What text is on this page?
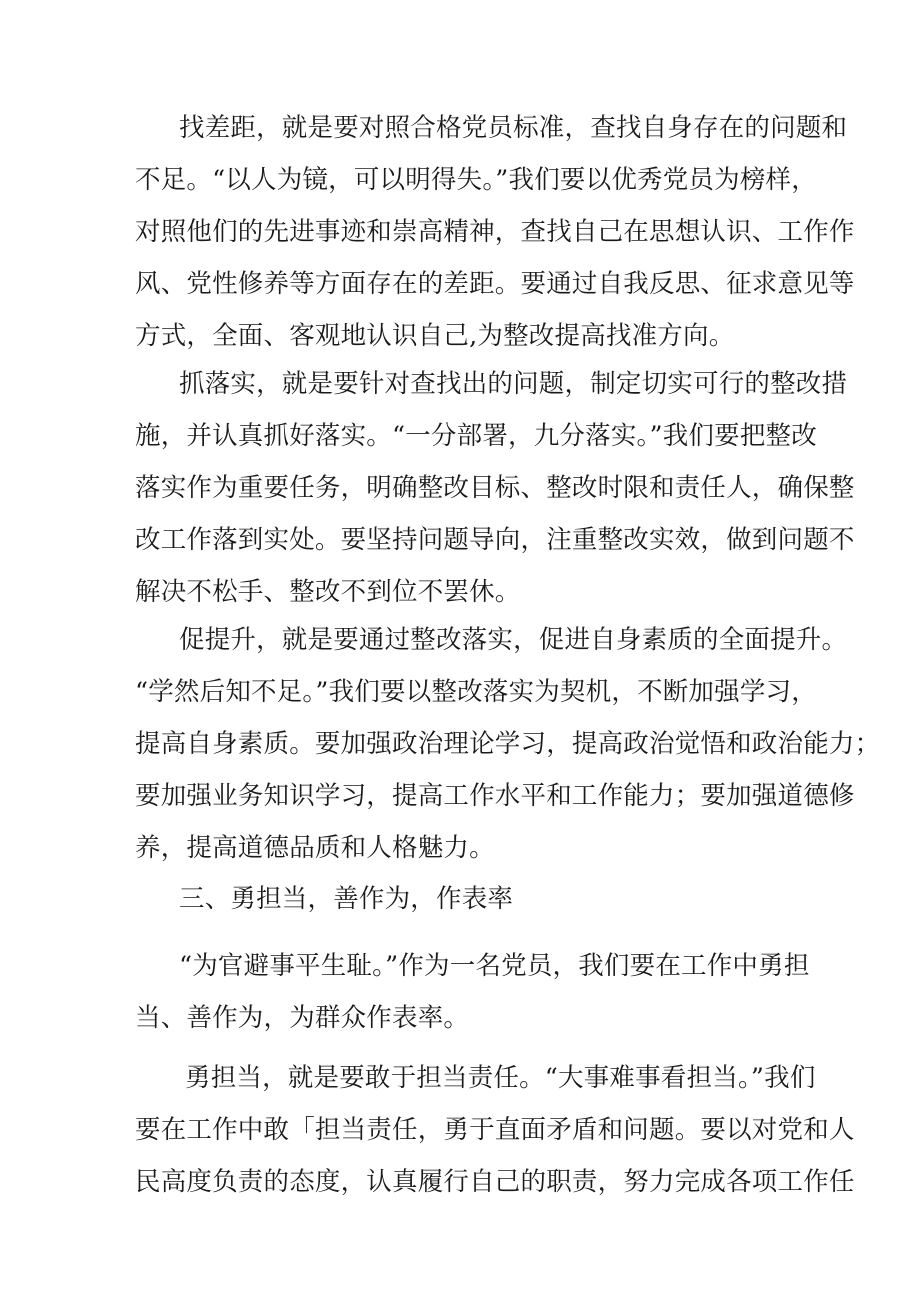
找差距，就是要对照合格党员标准，查找自身存在的问题和
不足。“以人为镜，可以明得失。”我们要以优秀党员为榜样，
对照他们的先进事迹和崇高精神，查找自己在思想认识、工作作
风、党性修养等方面存在的差距。要通过自我反思、征求意见等
方式，全面、客观地认识自己,为整改提高找准方向。
抓落实，就是要针对查找出的问题，制定切实可行的整改措
施，并认真抓好落实。“一分部署，九分落实。”我们要把整改
落实作为重要任务，明确整改目标、整改时限和责任人，确保整
改工作落到实处。要坚持问题导向，注重整改实效，做到问题不
解决不松手、整改不到位不罢休。
促提升，就是要通过整改落实，促进自身素质的全面提升。
“学然后知不足。”我们要以整改落实为契机，不断加强学习，
提高自身素质。要加强政治理论学习，提高政治觉悟和政治能力；
要加强业务知识学习，提高工作水平和工作能力；要加强道德修
养，提高道德品质和人格魅力。
三、勇担当，善作为，作表率
“为官避事平生耻。”作为一名党员，我们要在工作中勇担
当、善作为，为群众作表率。
勇担当，就是要敢于担当责任。“大事难事看担当。”我们
要在工作中敢「担当责任，勇于直面矛盾和问题。要以对党和人
民高度负责的态度，认真履行自己的职责，努力完成各项工作任
